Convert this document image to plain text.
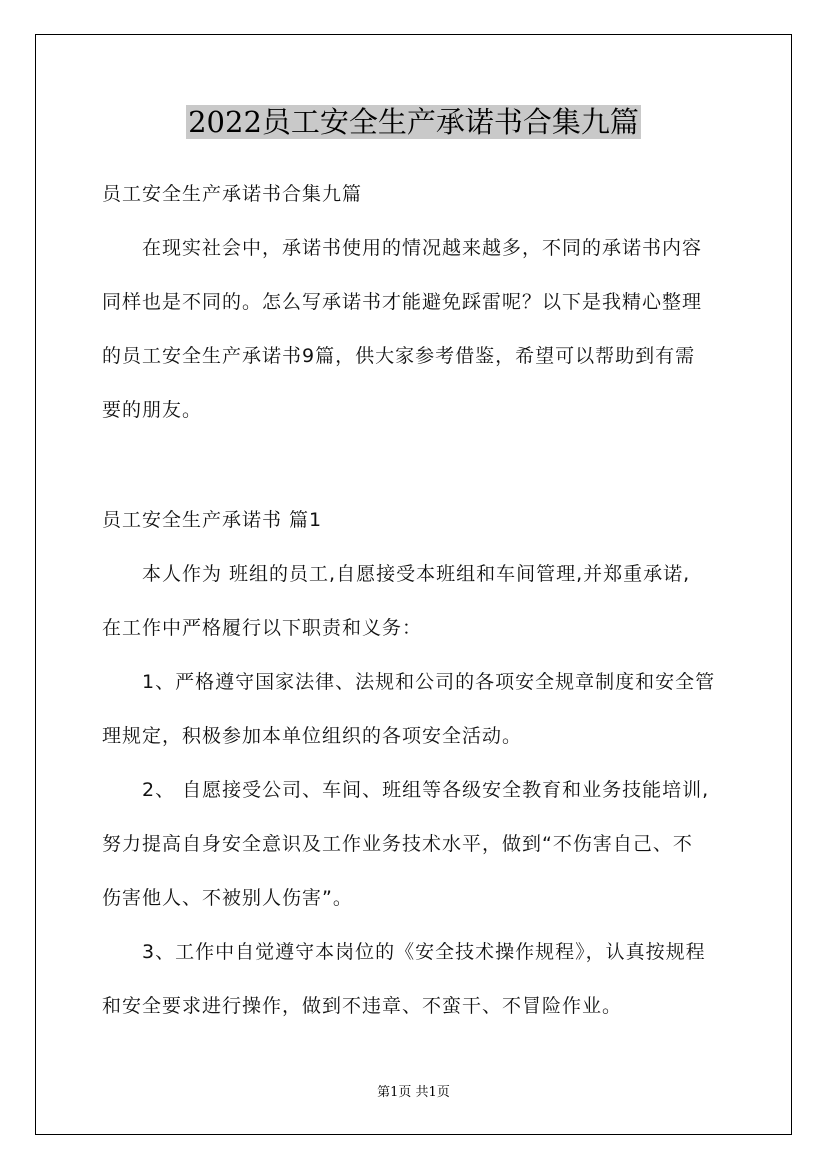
2022员工安全生产承诺书合集九篇
员工安全生产承诺书合集九篇
在现实社会中，承诺书使用的情况越来越多，不同的承诺书内容
同样也是不同的。怎么写承诺书才能避免踩雷呢？以下是我精心整理
的员工安全生产承诺书9篇，供大家参考借鉴，希望可以帮助到有需
要的朋友。
员工安全生产承诺书 篇1
本人作为 班组的员工,自愿接受本班组和车间管理,并郑重承诺,
在工作中严格履行以下职责和义务：
1、严格遵守国家法律、法规和公司的各项安全规章制度和安全管
理规定，积极参加本单位组织的各项安全活动。
2、 自愿接受公司、车间、班组等各级安全教育和业务技能培训,
努力提高自身安全意识及工作业务技术水平，做到“不伤害自己、不
伤害他人、不被别人伤害”。
3、工作中自觉遵守本岗位的《安全技术操作规程》，认真按规程
和安全要求进行操作，做到不违章、不蛮干、不冒险作业。
第1页 共1页
